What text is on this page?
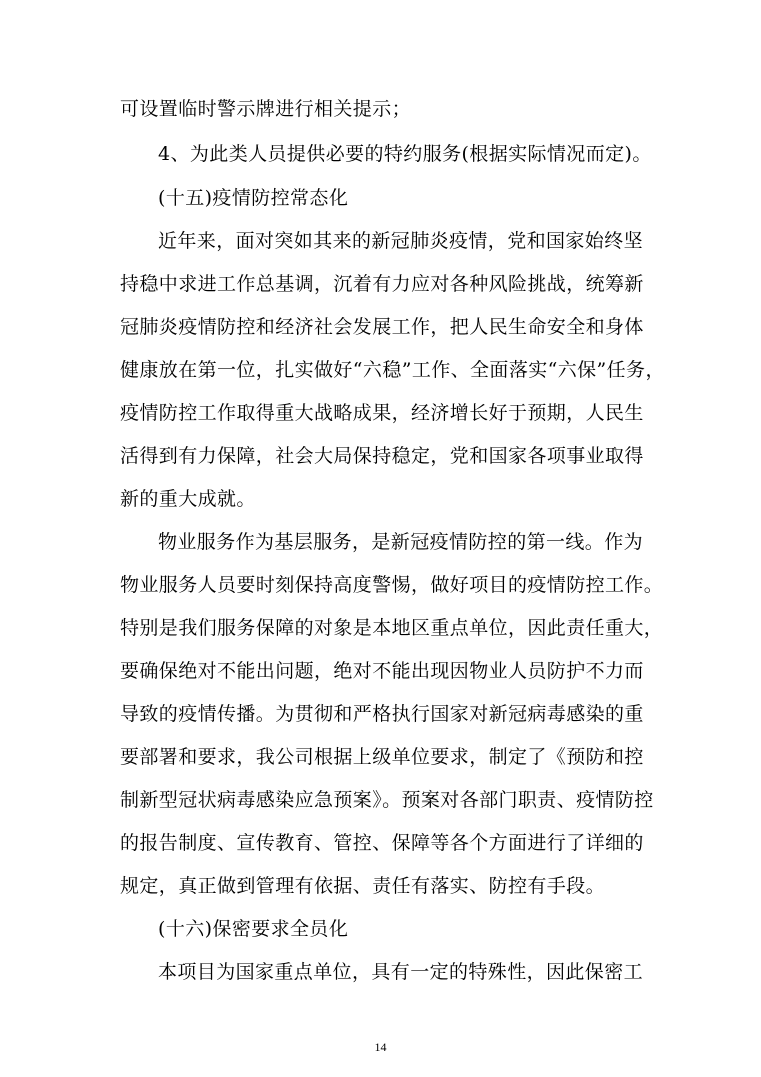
可设置临时警示牌进行相关提示；
4、为此类人员提供必要的特约服务(根据实际情况而定)。
(十五)疫情防控常态化
近年来，面对突如其来的新冠肺炎疫情，党和国家始终坚
持稳中求进工作总基调，沉着有力应对各种风险挑战，统筹新
冠肺炎疫情防控和经济社会发展工作，把人民生命安全和身体
健康放在第一位，扎实做好“六稳”工作、全面落实“六保”任务，
疫情防控工作取得重大战略成果，经济增长好于预期，人民生
活得到有力保障，社会大局保持稳定，党和国家各项事业取得
新的重大成就。
物业服务作为基层服务，是新冠疫情防控的第一线。作为
物业服务人员要时刻保持高度警惕，做好项目的疫情防控工作。
特别是我们服务保障的对象是本地区重点单位，因此责任重大，
要确保绝对不能出问题，绝对不能出现因物业人员防护不力而
导致的疫情传播。为贯彻和严格执行国家对新冠病毒感染的重
要部署和要求，我公司根据上级单位要求，制定了《预防和控
制新型冠状病毒感染应急预案》。预案对各部门职责、疫情防控
的报告制度、宣传教育、管控、保障等各个方面进行了详细的
规定，真正做到管理有依据、责任有落实、防控有手段。
(十六)保密要求全员化
本项目为国家重点单位，具有一定的特殊性，因此保密工
14
